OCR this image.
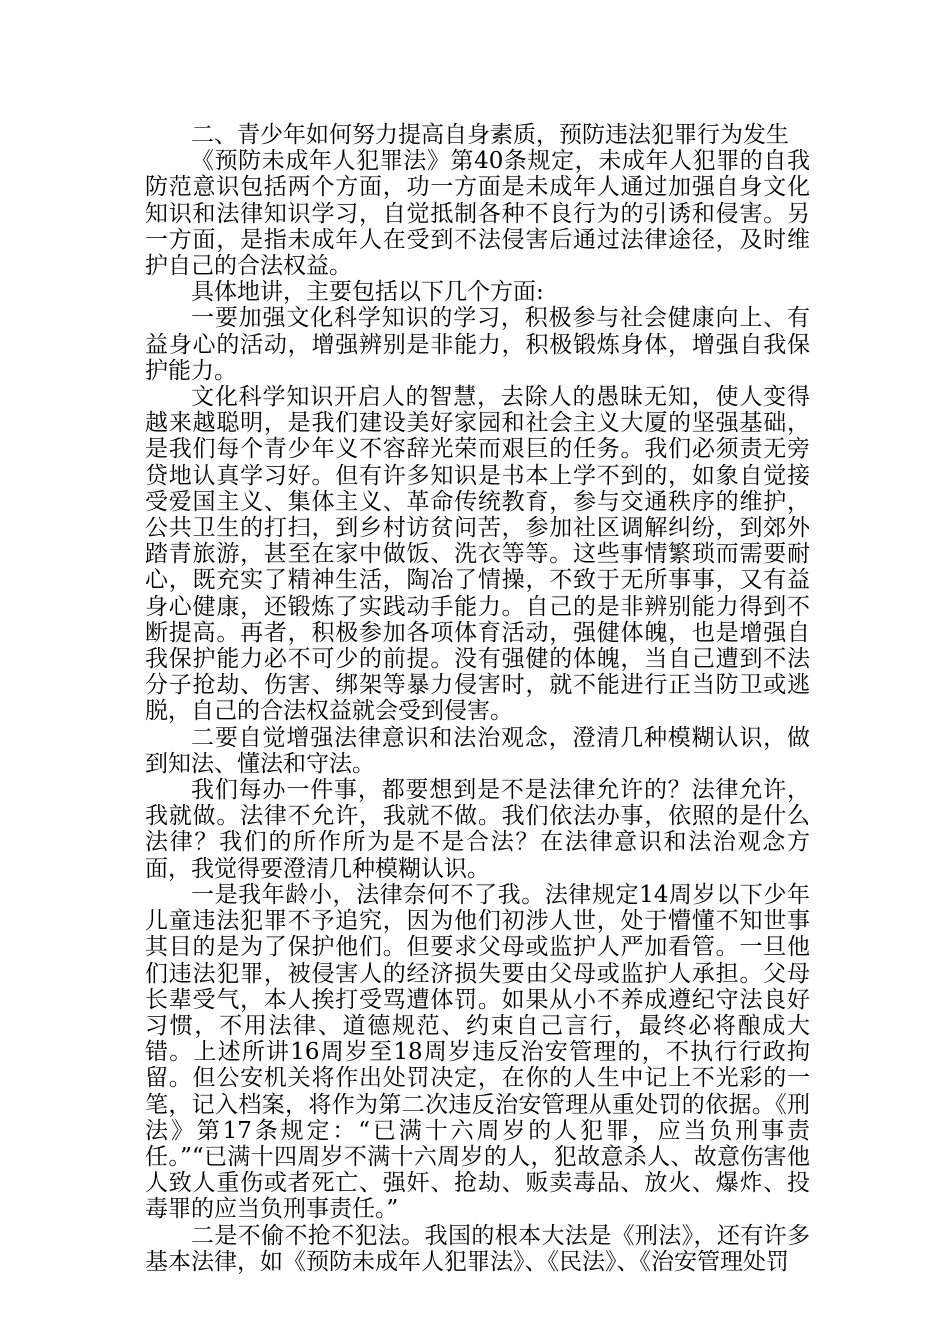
二、青少年如何努力提高自身素质，预防违法犯罪行为发生

《预防未成年人犯罪法》第40条规定，未成年人犯罪的自我防范意识包括两个方面，功一方面是未成年人通过加强自身文化知识和法律知识学习，自觉抵制各种不良行为的引诱和侵害。另一方面，是指未成年人在受到不法侵害后通过法律途径，及时维护自己的合法权益。

具体地讲，主要包括以下几个方面:

一要加强文化科学知识的学习，积极参与社会健康向上、有益身心的活动，增强辨别是非能力，积极锻炼身体，增强自我保护能力。

文化科学知识开启人的智慧，去除人的愚昧无知，使人变得越来越聪明，是我们建设美好家园和社会主义大厦的坚强基础，是我们每个青少年义不容辞光荣而艰巨的任务。我们必须责无旁贷地认真学习好。但有许多知识是书本上学不到的，如象自觉接受爱国主义、集体主义、革命传统教育，参与交通秩序的维护，公共卫生的打扫，到乡村访贫问苦，参加社区调解纠纷，到郊外踏青旅游，甚至在家中做饭、洗衣等等。这些事情繁琐而需要耐心，既充实了精神生活，陶冶了情操，不致于无所事事，又有益身心健康，还锻炼了实践动手能力。自己的是非辨别能力得到不断提高。再者，积极参加各项体育活动，强健体魄，也是增强自我保护能力必不可少的前提。没有强健的体魄，当自己遭到不法分子抢劫、伤害、绑架等暴力侵害时，就不能进行正当防卫或逃脱，自己的合法权益就会受到侵害。

二要自觉增强法律意识和法治观念，澄清几种模糊认识，做到知法、懂法和守法。

我们每办一件事，都要想到是不是法律允许的？法律允许，我就做。法律不允许，我就不做。我们依法办事，依照的是什么法律？我们的所作所为是不是合法？在法律意识和法治观念方面，我觉得要澄清几种模糊认识。

一是我年龄小，法律奈何不了我。法律规定14周岁以下少年儿童违法犯罪不予追究，因为他们初涉人世，处于懵懂不知世事其目的是为了保护他们。但要求父母或监护人严加看管。一旦他们违法犯罪，被侵害人的经济损失要由父母或监护人承担。父母长辈受气，本人挨打受骂遭体罚。如果从小不养成遵纪守法良好习惯，不用法律、道德规范、约束自己言行，最终必将酿成大错。上述所讲16周岁至18周岁违反治安管理的，不执行行政拘留。但公安机关将作出处罚决定，在你的人生中记上不光彩的一笔，记入档案，将作为第二次违反治安管理从重处罚的依据。《刑法》第17条规定：“已满十六周岁的人犯罪，应当负刑事责任。”“已满十四周岁不满十六周岁的人，犯故意杀人、故意伤害他人致人重伤或者死亡、强奸、抢劫、贩卖毒品、放火、爆炸、投毒罪的应当负刑事责任。”

二是不偷不抢不犯法。我国的根本大法是《刑法》，还有许多基本法律，如《预防未成年人犯罪法》、《民法》、《治安管理处罚
